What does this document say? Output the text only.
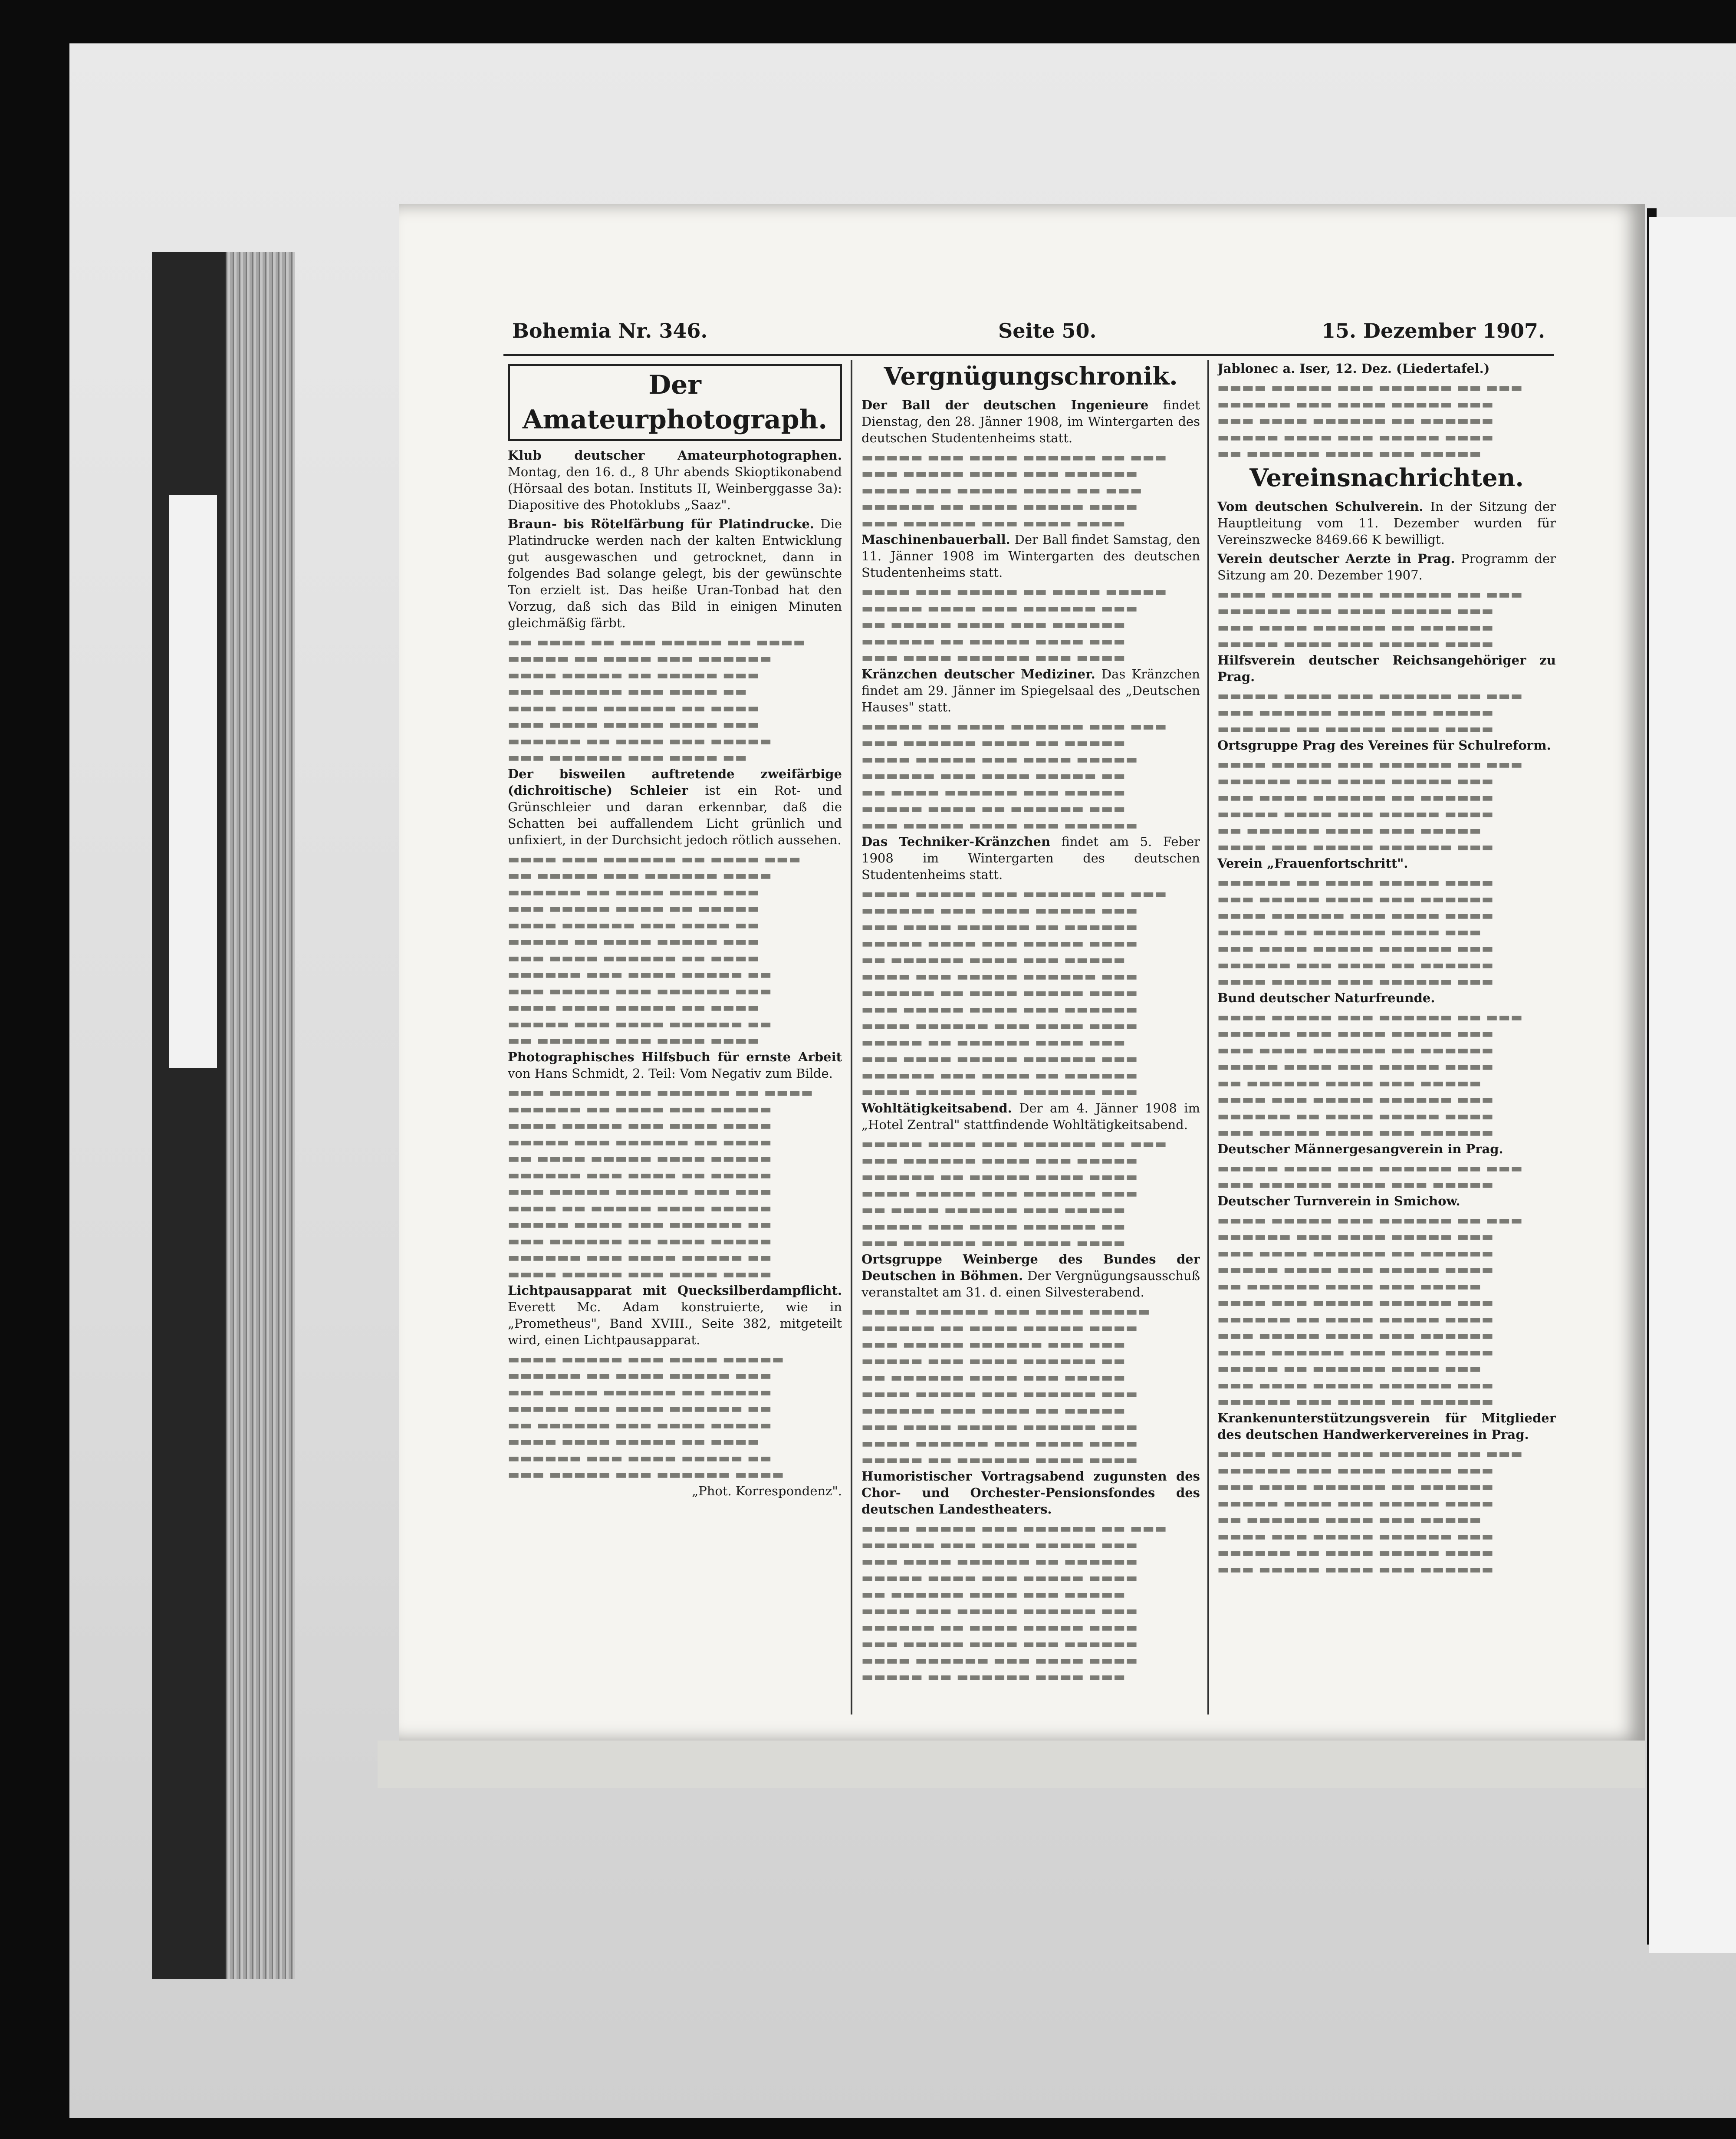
Bohemia Nr. 346.	Seite 50.	15. Dezember 1907.
Der Amateurphotograph.
Klub deutscher Amateurphotographen. Montag, den 16. d., 8 Uhr abends Skioptikonabend (Hörsaal des botan. Instituts II, Weinberggasse 3a): Diapositive des Photoklubs „Saaz".
Braun- bis Rötelfärbung für Platindrucke. Die Platindrucke werden nach der kalten Entwicklung gut ausgewaschen und getrocknet, dann in folgendes Bad solange gelegt, bis der gewünschte Ton erzielt ist. Das heiße Uran-Tonbad hat den Vorzug, daß sich das Bild in einigen Minuten gleichmäßig färbt.
▬▬ ▬▬▬▬ ▬▬ ▬▬▬ ▬▬▬▬▬ ▬▬ ▬▬▬▬
▬▬▬▬▬ ▬▬ ▬▬▬▬ ▬▬▬ ▬▬▬▬▬▬
▬▬▬▬ ▬▬▬▬▬ ▬▬ ▬▬▬▬▬ ▬▬▬
▬▬▬ ▬▬▬▬▬▬ ▬▬▬ ▬▬▬▬ ▬▬
▬▬▬▬ ▬▬▬ ▬▬▬▬▬▬ ▬▬ ▬▬▬▬
▬▬▬ ▬▬▬▬ ▬▬▬▬▬ ▬▬▬▬ ▬▬▬
▬▬▬▬▬▬ ▬▬ ▬▬▬▬ ▬▬▬ ▬▬▬▬▬
▬▬▬ ▬▬▬▬▬▬ ▬▬▬ ▬▬▬▬ ▬▬
Der bisweilen auftretende zweifärbige (dichroitische) Schleier ist ein Rot- und Grünschleier und daran erkennbar, daß die Schatten bei auffallendem Licht grünlich und unfixiert, in der Durchsicht jedoch rötlich aussehen.
▬▬▬▬ ▬▬▬ ▬▬▬▬▬▬ ▬▬ ▬▬▬▬ ▬▬▬
▬▬ ▬▬▬▬▬ ▬▬▬ ▬▬▬▬▬▬ ▬▬▬▬
▬▬▬▬▬▬ ▬▬ ▬▬▬▬ ▬▬▬▬ ▬▬▬
▬▬▬ ▬▬▬▬▬ ▬▬▬▬ ▬▬ ▬▬▬▬▬
▬▬▬▬ ▬▬▬▬▬▬ ▬▬▬ ▬▬▬▬ ▬▬
▬▬▬▬▬ ▬▬ ▬▬▬▬ ▬▬▬▬▬ ▬▬▬
▬▬▬ ▬▬▬▬ ▬▬▬▬▬▬ ▬▬ ▬▬▬▬
▬▬▬▬▬▬ ▬▬▬ ▬▬▬▬ ▬▬▬▬▬ ▬▬
▬▬▬ ▬▬▬▬▬ ▬▬▬ ▬▬▬▬▬▬ ▬▬▬
▬▬▬▬ ▬▬▬▬ ▬▬▬▬▬ ▬▬ ▬▬▬▬
▬▬▬▬▬ ▬▬▬ ▬▬▬▬ ▬▬▬▬▬▬ ▬▬
▬▬ ▬▬▬▬▬▬ ▬▬▬ ▬▬▬▬ ▬▬▬▬
Photographisches Hilfsbuch für ernste Arbeit von Hans Schmidt, 2. Teil: Vom Negativ zum Bilde.
▬▬▬ ▬▬▬▬▬ ▬▬▬ ▬▬▬▬▬▬ ▬▬ ▬▬▬▬
▬▬▬▬▬▬ ▬▬ ▬▬▬▬ ▬▬▬ ▬▬▬▬▬
▬▬▬▬ ▬▬▬▬▬ ▬▬▬ ▬▬▬▬ ▬▬▬▬
▬▬▬▬▬ ▬▬▬ ▬▬▬▬▬▬ ▬▬ ▬▬▬▬
▬▬ ▬▬▬▬ ▬▬▬▬▬ ▬▬▬▬ ▬▬▬▬▬
▬▬▬▬▬▬ ▬▬▬ ▬▬▬▬ ▬▬ ▬▬▬▬▬
▬▬▬ ▬▬▬▬▬ ▬▬▬▬▬▬ ▬▬▬ ▬▬▬
▬▬▬▬ ▬▬ ▬▬▬▬▬ ▬▬▬▬ ▬▬▬▬▬
▬▬▬▬▬ ▬▬▬▬ ▬▬▬ ▬▬▬▬▬▬ ▬▬
▬▬▬ ▬▬▬▬▬▬ ▬▬ ▬▬▬▬ ▬▬▬▬▬
▬▬▬▬▬▬ ▬▬▬ ▬▬▬▬ ▬▬▬▬▬ ▬▬
▬▬▬▬ ▬▬▬▬▬ ▬▬▬ ▬▬▬▬ ▬▬▬▬
Lichtpausapparat mit Quecksilberdampflicht. Everett Mc. Adam konstruierte, wie in „Prometheus", Band XVIII., Seite 382, mitgeteilt wird, einen Lichtpausapparat.
▬▬▬▬ ▬▬▬▬▬ ▬▬▬ ▬▬▬▬ ▬▬▬▬▬
▬▬▬▬▬▬ ▬▬ ▬▬▬▬ ▬▬▬▬▬ ▬▬▬
▬▬▬ ▬▬▬▬ ▬▬▬▬▬▬ ▬▬ ▬▬▬▬▬
▬▬▬▬▬ ▬▬▬ ▬▬▬▬ ▬▬▬▬▬▬ ▬▬
▬▬ ▬▬▬▬▬▬ ▬▬▬ ▬▬▬▬ ▬▬▬▬▬
▬▬▬▬ ▬▬▬▬ ▬▬▬▬▬ ▬▬ ▬▬▬▬
▬▬▬▬▬▬ ▬▬▬ ▬▬▬▬ ▬▬▬▬▬ ▬▬
▬▬▬ ▬▬▬▬▬ ▬▬▬ ▬▬▬▬▬▬ ▬▬▬▬
„Phot. Korrespondenz".
Vergnügungschronik.
Der Ball der deutschen Ingenieure findet Dienstag, den 28. Jänner 1908, im Wintergarten des deutschen Studentenheims statt.
▬▬▬▬▬ ▬▬▬ ▬▬▬▬ ▬▬▬▬▬▬ ▬▬ ▬▬▬
▬▬▬ ▬▬▬▬▬ ▬▬▬▬ ▬▬▬ ▬▬▬▬▬▬
▬▬▬▬ ▬▬▬ ▬▬▬▬▬ ▬▬▬▬ ▬▬ ▬▬▬
▬▬▬▬▬▬ ▬▬ ▬▬▬▬ ▬▬▬▬▬ ▬▬▬▬
▬▬▬ ▬▬▬▬▬▬ ▬▬▬ ▬▬▬▬ ▬▬▬▬
Maschinenbauerball. Der Ball findet Samstag, den 11. Jänner 1908 im Wintergarten des deutschen Studentenheims statt.
▬▬▬▬ ▬▬▬ ▬▬▬▬▬ ▬▬ ▬▬▬▬ ▬▬▬▬▬
▬▬▬▬▬ ▬▬▬▬ ▬▬▬ ▬▬▬▬▬▬ ▬▬▬
▬▬ ▬▬▬▬▬ ▬▬▬▬ ▬▬▬ ▬▬▬▬▬▬
▬▬▬▬▬▬ ▬▬ ▬▬▬▬▬ ▬▬▬▬ ▬▬▬
▬▬▬ ▬▬▬▬ ▬▬▬▬▬▬ ▬▬▬ ▬▬▬▬
Kränzchen deutscher Mediziner. Das Kränzchen findet am 29. Jänner im Spiegelsaal des „Deutschen Hauses" statt.
▬▬▬▬▬ ▬▬ ▬▬▬▬ ▬▬▬▬▬▬ ▬▬▬ ▬▬▬
▬▬▬ ▬▬▬▬▬▬ ▬▬▬▬ ▬▬ ▬▬▬▬▬
▬▬▬▬ ▬▬▬▬▬ ▬▬▬ ▬▬▬▬ ▬▬▬▬▬
▬▬▬▬▬▬ ▬▬▬ ▬▬▬▬ ▬▬▬▬▬ ▬▬
▬▬ ▬▬▬▬ ▬▬▬▬▬▬ ▬▬▬ ▬▬▬▬▬
▬▬▬▬▬ ▬▬▬▬ ▬▬ ▬▬▬▬▬▬ ▬▬▬
▬▬▬ ▬▬▬▬▬ ▬▬▬▬ ▬▬▬ ▬▬▬▬▬▬
Das Techniker-Kränzchen findet am 5. Feber 1908 im Wintergarten des deutschen Studentenheims statt.
▬▬▬▬ ▬▬▬▬▬ ▬▬▬ ▬▬▬▬▬▬ ▬▬ ▬▬▬
▬▬▬▬▬▬ ▬▬▬ ▬▬▬▬ ▬▬▬▬▬ ▬▬▬
▬▬▬ ▬▬▬▬ ▬▬▬▬▬▬ ▬▬ ▬▬▬▬▬▬
▬▬▬▬▬ ▬▬▬▬ ▬▬▬ ▬▬▬▬▬ ▬▬▬▬
▬▬ ▬▬▬▬▬▬ ▬▬▬▬ ▬▬▬ ▬▬▬▬▬
▬▬▬▬ ▬▬▬ ▬▬▬▬▬ ▬▬▬▬▬▬ ▬▬▬
▬▬▬▬▬▬ ▬▬ ▬▬▬▬ ▬▬▬▬▬ ▬▬▬▬
▬▬▬ ▬▬▬▬▬ ▬▬▬▬ ▬▬▬ ▬▬▬▬▬▬
▬▬▬▬ ▬▬▬▬▬▬ ▬▬▬ ▬▬▬▬ ▬▬▬▬
▬▬▬▬▬ ▬▬ ▬▬▬▬▬▬ ▬▬▬▬ ▬▬▬
▬▬▬ ▬▬▬▬ ▬▬▬▬▬ ▬▬▬▬▬▬ ▬▬▬
▬▬▬▬▬▬ ▬▬▬ ▬▬▬▬ ▬▬ ▬▬▬▬▬▬
▬▬▬▬ ▬▬▬▬▬ ▬▬▬ ▬▬▬▬▬▬ ▬▬▬
Wohltätigkeitsabend. Der am 4. Jänner 1908 im „Hotel Zentral" stattfindende Wohltätigkeitsabend.
▬▬▬▬▬ ▬▬▬▬ ▬▬▬ ▬▬▬▬▬▬ ▬▬ ▬▬▬
▬▬▬ ▬▬▬▬▬▬ ▬▬▬▬ ▬▬▬ ▬▬▬▬▬
▬▬▬▬▬▬ ▬▬ ▬▬▬▬▬ ▬▬▬▬ ▬▬▬▬
▬▬▬▬ ▬▬▬▬▬ ▬▬▬ ▬▬▬▬▬▬ ▬▬▬
▬▬ ▬▬▬▬ ▬▬▬▬▬▬ ▬▬▬ ▬▬▬▬▬
▬▬▬▬▬ ▬▬▬ ▬▬▬▬ ▬▬▬▬▬▬ ▬▬
▬▬▬ ▬▬▬▬▬▬ ▬▬▬ ▬▬▬▬ ▬▬▬▬
Ortsgruppe Weinberge des Bundes der Deutschen in Böhmen. Der Vergnügungsausschuß veranstaltet am 31. d. einen Silvesterabend.
▬▬▬▬ ▬▬▬▬▬▬ ▬▬▬ ▬▬▬▬ ▬▬▬▬▬
▬▬▬▬▬▬ ▬▬ ▬▬▬▬ ▬▬▬▬▬ ▬▬▬▬
▬▬▬ ▬▬▬▬▬ ▬▬▬▬▬▬ ▬▬▬ ▬▬▬
▬▬▬▬▬ ▬▬▬ ▬▬▬▬ ▬▬▬▬▬▬ ▬▬
▬▬ ▬▬▬▬▬▬ ▬▬▬▬ ▬▬▬ ▬▬▬▬▬
▬▬▬▬ ▬▬▬▬▬ ▬▬▬ ▬▬▬▬▬▬ ▬▬▬
▬▬▬▬▬▬ ▬▬▬ ▬▬▬▬ ▬▬ ▬▬▬▬▬
▬▬▬ ▬▬▬▬ ▬▬▬▬▬ ▬▬▬▬▬▬ ▬▬▬
▬▬▬▬ ▬▬▬▬▬▬ ▬▬▬ ▬▬▬▬ ▬▬▬▬
▬▬▬▬▬ ▬▬ ▬▬▬▬▬▬ ▬▬▬▬ ▬▬▬▬
Humoristischer Vortragsabend zugunsten des Chor- und Orchester-Pensionsfondes des deutschen Landestheaters.
▬▬▬▬ ▬▬▬▬▬ ▬▬▬ ▬▬▬▬▬▬ ▬▬ ▬▬▬
▬▬▬▬▬▬ ▬▬▬ ▬▬▬▬ ▬▬▬▬▬ ▬▬▬
▬▬▬ ▬▬▬▬ ▬▬▬▬▬▬ ▬▬ ▬▬▬▬▬▬
▬▬▬▬▬ ▬▬▬▬ ▬▬▬ ▬▬▬▬▬ ▬▬▬▬
▬▬ ▬▬▬▬▬▬ ▬▬▬▬ ▬▬▬ ▬▬▬▬▬
▬▬▬▬ ▬▬▬ ▬▬▬▬▬ ▬▬▬▬▬▬ ▬▬▬
▬▬▬▬▬▬ ▬▬ ▬▬▬▬ ▬▬▬▬▬ ▬▬▬▬
▬▬▬ ▬▬▬▬▬ ▬▬▬▬ ▬▬▬ ▬▬▬▬▬▬
▬▬▬▬ ▬▬▬▬▬▬ ▬▬▬ ▬▬▬▬ ▬▬▬▬
▬▬▬▬▬ ▬▬ ▬▬▬▬▬▬ ▬▬▬▬ ▬▬▬
Jablonec a. Iser, 12. Dez. (Liedertafel.)
▬▬▬▬ ▬▬▬▬▬ ▬▬▬ ▬▬▬▬▬▬ ▬▬ ▬▬▬
▬▬▬▬▬▬ ▬▬▬ ▬▬▬▬ ▬▬▬▬▬ ▬▬▬
▬▬▬ ▬▬▬▬ ▬▬▬▬▬▬ ▬▬ ▬▬▬▬▬▬
▬▬▬▬▬ ▬▬▬▬ ▬▬▬ ▬▬▬▬▬ ▬▬▬▬
▬▬ ▬▬▬▬▬▬ ▬▬▬▬ ▬▬▬ ▬▬▬▬▬
Vereinsnachrichten.
Vom deutschen Schulverein. In der Sitzung der Hauptleitung vom 11. Dezember wurden für Vereinszwecke 8469.66 K bewilligt.
Verein deutscher Aerzte in Prag. Programm der Sitzung am 20. Dezember 1907.
▬▬▬▬ ▬▬▬▬▬ ▬▬▬ ▬▬▬▬▬▬ ▬▬ ▬▬▬
▬▬▬▬▬▬ ▬▬▬ ▬▬▬▬ ▬▬▬▬▬ ▬▬▬
▬▬▬ ▬▬▬▬ ▬▬▬▬▬▬ ▬▬ ▬▬▬▬▬▬
▬▬▬▬▬ ▬▬▬▬ ▬▬▬ ▬▬▬▬▬ ▬▬▬▬
Hilfsverein deutscher Reichsangehöriger zu Prag.
▬▬▬▬▬ ▬▬▬▬ ▬▬▬ ▬▬▬▬▬▬ ▬▬ ▬▬▬
▬▬▬ ▬▬▬▬▬▬ ▬▬▬▬ ▬▬▬ ▬▬▬▬▬
▬▬▬▬▬▬ ▬▬ ▬▬▬▬▬ ▬▬▬▬ ▬▬▬▬
Ortsgruppe Prag des Vereines für Schulreform.
▬▬▬▬ ▬▬▬▬▬ ▬▬▬ ▬▬▬▬▬▬ ▬▬ ▬▬▬
▬▬▬▬▬▬ ▬▬▬ ▬▬▬▬ ▬▬▬▬▬ ▬▬▬
▬▬▬ ▬▬▬▬ ▬▬▬▬▬▬ ▬▬ ▬▬▬▬▬▬
▬▬▬▬▬ ▬▬▬▬ ▬▬▬ ▬▬▬▬▬ ▬▬▬▬
▬▬ ▬▬▬▬▬▬ ▬▬▬▬ ▬▬▬ ▬▬▬▬▬
▬▬▬▬ ▬▬▬ ▬▬▬▬▬ ▬▬▬▬▬▬ ▬▬▬
Verein „Frauenfortschritt".
▬▬▬▬▬▬ ▬▬ ▬▬▬▬ ▬▬▬▬▬ ▬▬▬▬
▬▬▬ ▬▬▬▬▬ ▬▬▬▬ ▬▬▬ ▬▬▬▬▬▬
▬▬▬▬ ▬▬▬▬▬▬ ▬▬▬ ▬▬▬▬ ▬▬▬▬
▬▬▬▬▬ ▬▬ ▬▬▬▬▬▬ ▬▬▬▬ ▬▬▬
▬▬▬ ▬▬▬▬ ▬▬▬▬▬ ▬▬▬▬▬▬ ▬▬▬
▬▬▬▬▬▬ ▬▬▬ ▬▬▬▬ ▬▬ ▬▬▬▬▬▬
▬▬▬▬ ▬▬▬▬▬ ▬▬▬ ▬▬▬▬▬▬ ▬▬▬
Bund deutscher Naturfreunde.
▬▬▬▬ ▬▬▬▬▬ ▬▬▬ ▬▬▬▬▬▬ ▬▬ ▬▬▬
▬▬▬▬▬▬ ▬▬▬ ▬▬▬▬ ▬▬▬▬▬ ▬▬▬
▬▬▬ ▬▬▬▬ ▬▬▬▬▬▬ ▬▬ ▬▬▬▬▬▬
▬▬▬▬▬ ▬▬▬▬ ▬▬▬ ▬▬▬▬▬ ▬▬▬▬
▬▬ ▬▬▬▬▬▬ ▬▬▬▬ ▬▬▬ ▬▬▬▬▬
▬▬▬▬ ▬▬▬ ▬▬▬▬▬ ▬▬▬▬▬▬ ▬▬▬
▬▬▬▬▬▬ ▬▬ ▬▬▬▬ ▬▬▬▬▬ ▬▬▬▬
▬▬▬ ▬▬▬▬▬ ▬▬▬▬ ▬▬▬ ▬▬▬▬▬▬
Deutscher Männergesangverein in Prag.
▬▬▬▬▬ ▬▬▬▬ ▬▬▬ ▬▬▬▬▬▬ ▬▬ ▬▬▬
▬▬▬ ▬▬▬▬▬▬ ▬▬▬▬ ▬▬▬ ▬▬▬▬▬
Deutscher Turnverein in Smichow.
▬▬▬▬ ▬▬▬▬▬ ▬▬▬ ▬▬▬▬▬▬ ▬▬ ▬▬▬
▬▬▬▬▬▬ ▬▬▬ ▬▬▬▬ ▬▬▬▬▬ ▬▬▬
▬▬▬ ▬▬▬▬ ▬▬▬▬▬▬ ▬▬ ▬▬▬▬▬▬
▬▬▬▬▬ ▬▬▬▬ ▬▬▬ ▬▬▬▬▬ ▬▬▬▬
▬▬ ▬▬▬▬▬▬ ▬▬▬▬ ▬▬▬ ▬▬▬▬▬
▬▬▬▬ ▬▬▬ ▬▬▬▬▬ ▬▬▬▬▬▬ ▬▬▬
▬▬▬▬▬▬ ▬▬ ▬▬▬▬ ▬▬▬▬▬ ▬▬▬▬
▬▬▬ ▬▬▬▬▬ ▬▬▬▬ ▬▬▬ ▬▬▬▬▬▬
▬▬▬▬ ▬▬▬▬▬▬ ▬▬▬ ▬▬▬▬ ▬▬▬▬
▬▬▬▬▬ ▬▬ ▬▬▬▬▬▬ ▬▬▬▬ ▬▬▬
▬▬▬ ▬▬▬▬ ▬▬▬▬▬ ▬▬▬▬▬▬ ▬▬▬
▬▬▬▬▬▬ ▬▬▬ ▬▬▬▬ ▬▬ ▬▬▬▬▬▬
Krankenunterstützungsverein für Mitglieder des deutschen Handwerkervereines in Prag.
▬▬▬▬ ▬▬▬▬▬ ▬▬▬ ▬▬▬▬▬▬ ▬▬ ▬▬▬
▬▬▬▬▬▬ ▬▬▬ ▬▬▬▬ ▬▬▬▬▬ ▬▬▬
▬▬▬ ▬▬▬▬ ▬▬▬▬▬▬ ▬▬ ▬▬▬▬▬▬
▬▬▬▬▬ ▬▬▬▬ ▬▬▬ ▬▬▬▬▬ ▬▬▬▬
▬▬ ▬▬▬▬▬▬ ▬▬▬▬ ▬▬▬ ▬▬▬▬▬
▬▬▬▬ ▬▬▬ ▬▬▬▬▬ ▬▬▬▬▬▬ ▬▬▬
▬▬▬▬▬▬ ▬▬ ▬▬▬▬ ▬▬▬▬▬ ▬▬▬▬
▬▬▬ ▬▬▬▬▬ ▬▬▬▬ ▬▬▬ ▬▬▬▬▬▬
